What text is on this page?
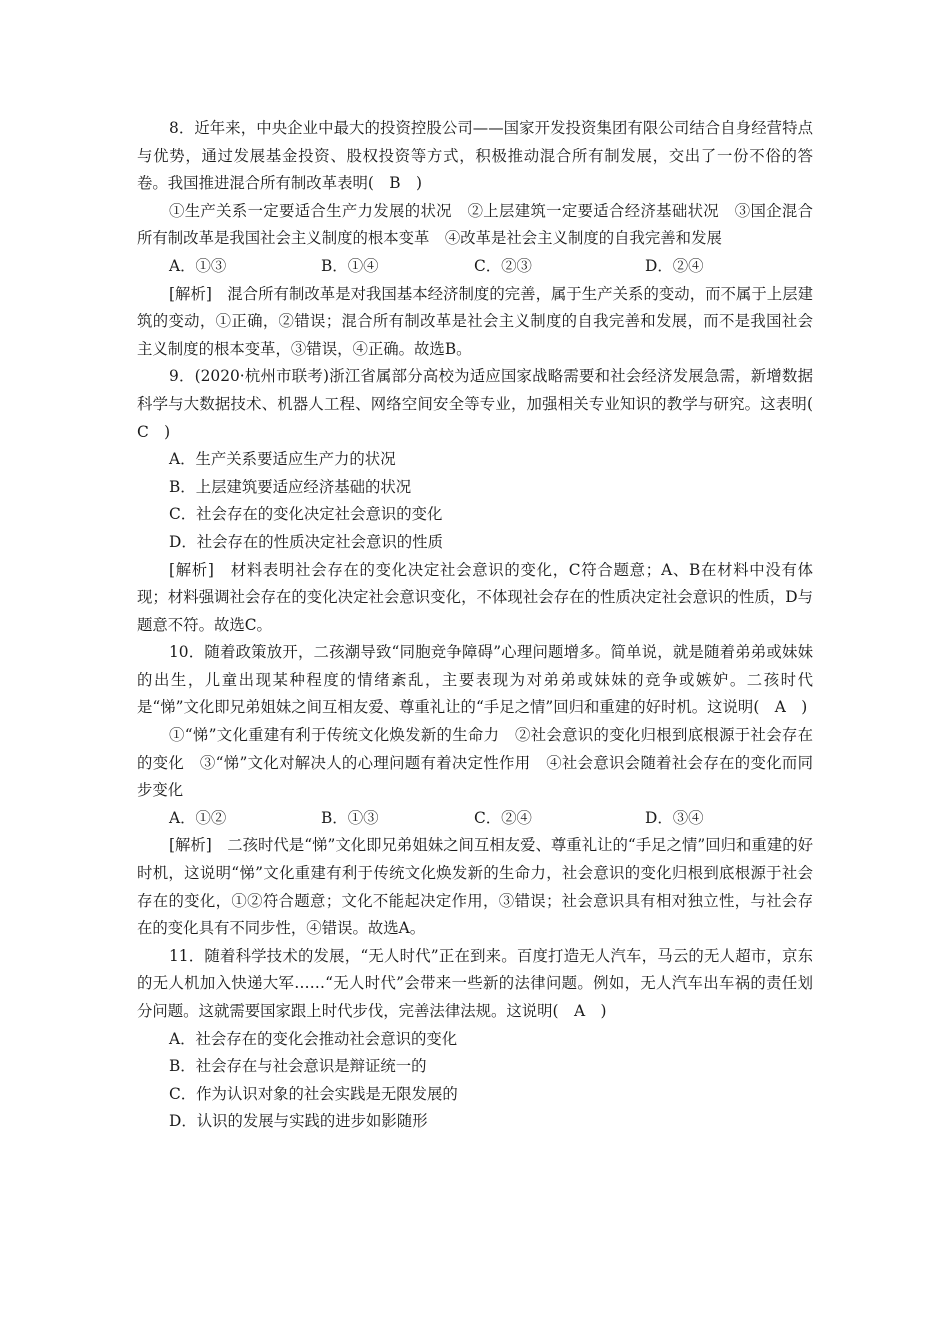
8．近年来，中央企业中最大的投资控股公司——国家开发投资集团有限公司结合自身经营特点与优势，通过发展基金投资、股权投资等方式，积极推动混合所有制发展，交出了一份不俗的答卷。我国推进混合所有制改革表明(　B　)

①生产关系一定要适合生产力发展的状况　②上层建筑一定要适合经济基础状况　③国企混合所有制改革是我国社会主义制度的根本变革　④改革是社会主义制度的自我完善和发展

A．①③	B．①④	C．②③	D．②④

[解析]　混合所有制改革是对我国基本经济制度的完善，属于生产关系的变动，而不属于上层建筑的变动，①正确，②错误；混合所有制改革是社会主义制度的自我完善和发展，而不是我国社会主义制度的根本变革，③错误，④正确。故选B。

9．(2020·杭州市联考)浙江省属部分高校为适应国家战略需要和社会经济发展急需，新增数据科学与大数据技术、机器人工程、网络空间安全等专业，加强相关专业知识的教学与研究。这表明(　C　)

A．生产关系要适应生产力的状况

B．上层建筑要适应经济基础的状况

C．社会存在的变化决定社会意识的变化

D．社会存在的性质决定社会意识的性质

[解析]　材料表明社会存在的变化决定社会意识的变化，C符合题意；A、B在材料中没有体现；材料强调社会存在的变化决定社会意识变化，不体现社会存在的性质决定社会意识的性质，D与题意不符。故选C。

10．随着政策放开，二孩潮导致“同胞竞争障碍”心理问题增多。简单说，就是随着弟弟或妹妹的出生，儿童出现某种程度的情绪紊乱，主要表现为对弟弟或妹妹的竞争或嫉妒。二孩时代是“悌”文化即兄弟姐妹之间互相友爱、尊重礼让的“手足之情”回归和重建的好时机。这说明(　A　)

①“悌”文化重建有利于传统文化焕发新的生命力　②社会意识的变化归根到底根源于社会存在的变化　③“悌”文化对解决人的心理问题有着决定性作用　④社会意识会随着社会存在的变化而同步变化

A．①②	B．①③	C．②④	D．③④

[解析]　二孩时代是“悌”文化即兄弟姐妹之间互相友爱、尊重礼让的“手足之情”回归和重建的好时机，这说明“悌”文化重建有利于传统文化焕发新的生命力，社会意识的变化归根到底根源于社会存在的变化，①②符合题意；文化不能起决定作用，③错误；社会意识具有相对独立性，与社会存在的变化具有不同步性，④错误。故选A。

11．随着科学技术的发展，“无人时代”正在到来。百度打造无人汽车，马云的无人超市，京东的无人机加入快递大军……“无人时代”会带来一些新的法律问题。例如，无人汽车出车祸的责任划分问题。这就需要国家跟上时代步伐，完善法律法规。这说明(　A　)

A．社会存在的变化会推动社会意识的变化

B．社会存在与社会意识是辩证统一的

C．作为认识对象的社会实践是无限发展的

D．认识的发展与实践的进步如影随形
